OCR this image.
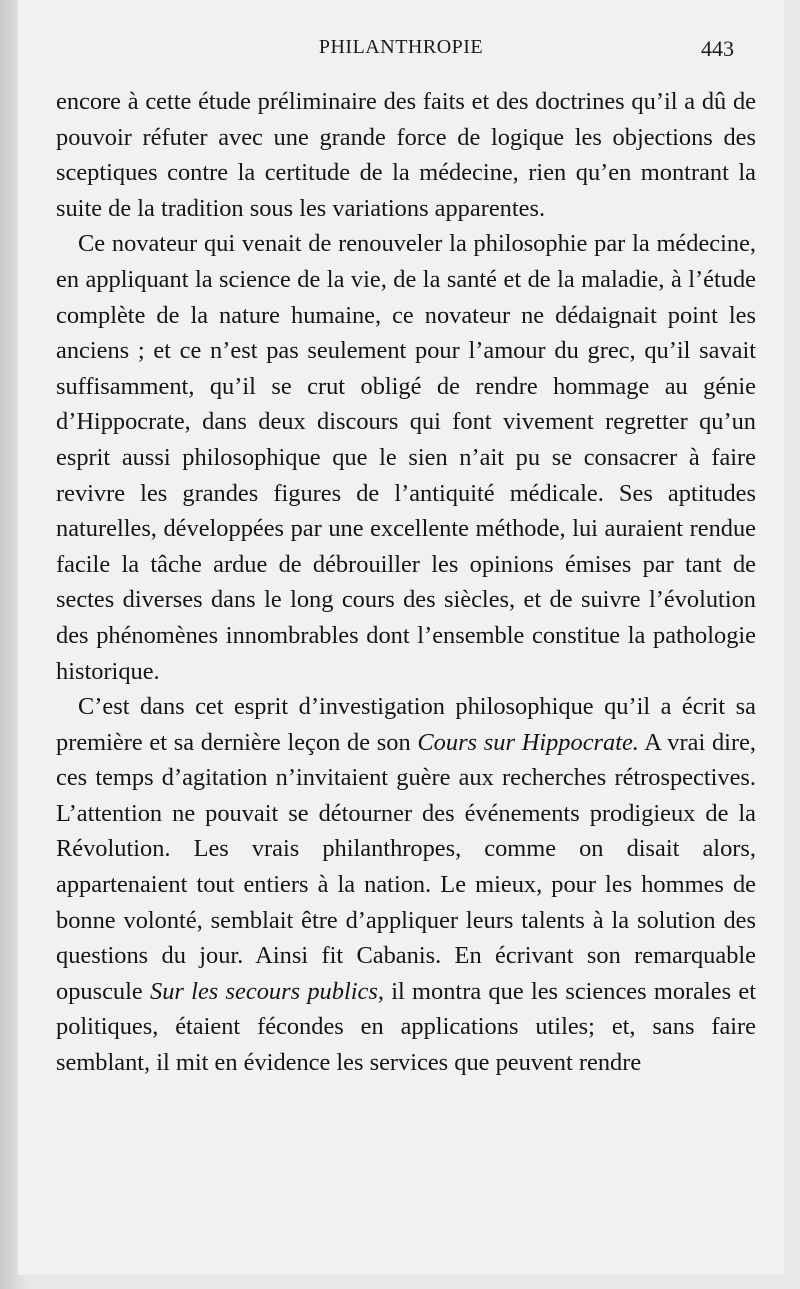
PHILANTHROPIE	443

encore à cette étude préliminaire des faits et des doctrines qu’il a dû de pouvoir réfuter avec une grande force de logique les objections des sceptiques contre la certitude de la médecine, rien qu’en montrant la suite de la tradition sous les variations apparentes.

Ce novateur qui venait de renouveler la philosophie par la médecine, en appliquant la science de la vie, de la santé et de la maladie, à l’étude complète de la nature humaine, ce novateur ne dédaignait point les anciens ; et ce n’est pas seulement pour l’amour du grec, qu’il savait suffisamment, qu’il se crut obligé de rendre hommage au génie d’Hippocrate, dans deux discours qui font vivement regretter qu’un esprit aussi philosophique que le sien n’ait pu se consacrer à faire revivre les grandes figures de l’antiquité médicale. Ses aptitudes naturelles, développées par une excellente méthode, lui auraient rendue facile la tâche ardue de débrouiller les opinions émises par tant de sectes diverses dans le long cours des siècles, et de suivre l’évolution des phénomènes innombrables dont l’ensemble constitue la pathologie historique.

C’est dans cet esprit d’investigation philosophique qu’il a écrit sa première et sa dernière leçon de son Cours sur Hippocrate. A vrai dire, ces temps d’agitation n’invitaient guère aux recherches rétrospectives. L’attention ne pouvait se détourner des événements prodigieux de la Révolution. Les vrais philanthropes, comme on disait alors, appartenaient tout entiers à la nation. Le mieux, pour les hommes de bonne volonté, semblait être d’appliquer leurs talents à la solution des questions du jour. Ainsi fit Cabanis. En écrivant son remarquable opuscule Sur les secours publics, il montra que les sciences morales et politiques, étaient fécondes en applications utiles; et, sans faire semblant, il mit en évidence les services que peuvent rendre
